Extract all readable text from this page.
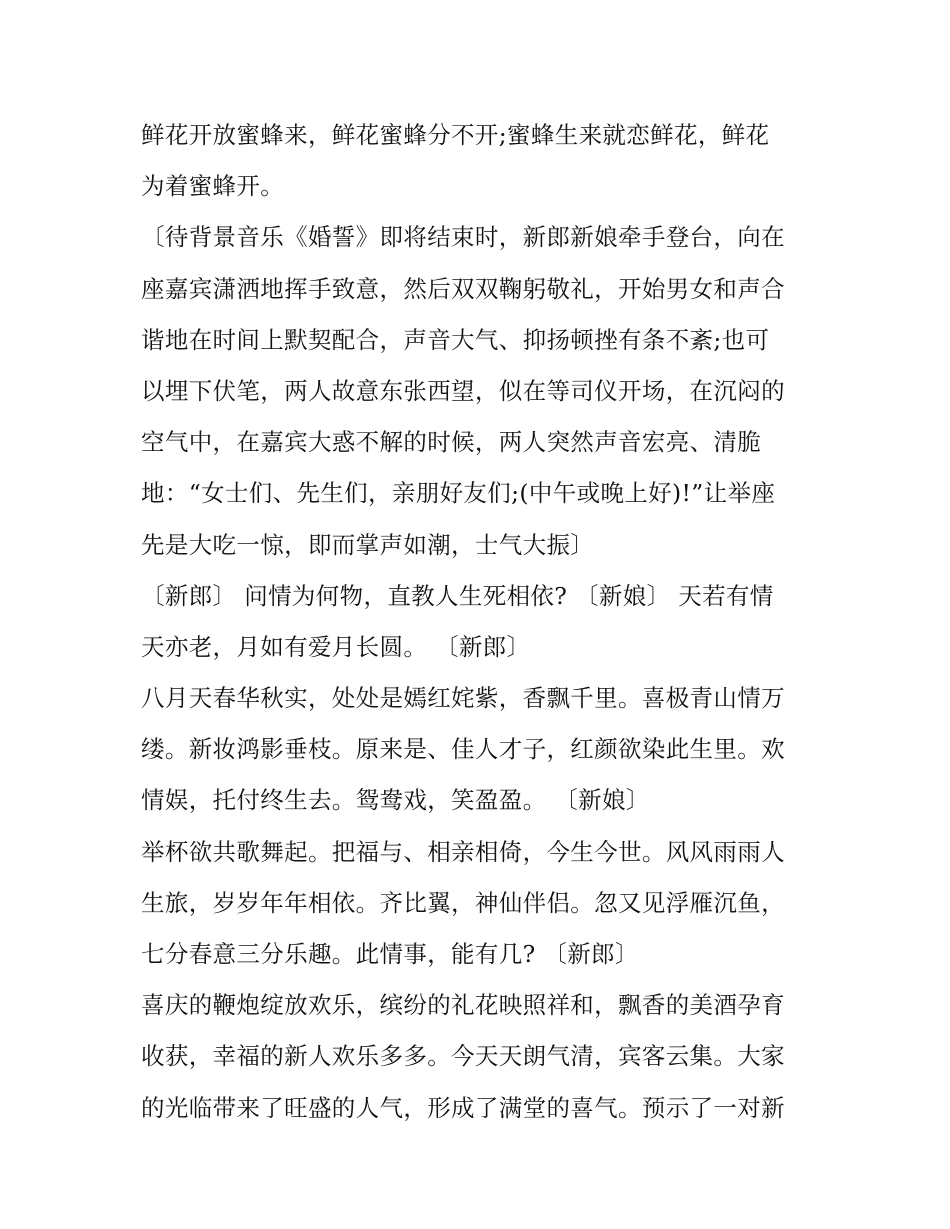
鲜花开放蜜蜂来，鲜花蜜蜂分不开;蜜蜂生来就恋鲜花，鲜花
为着蜜蜂开。
〔待背景音乐《婚誓》即将结束时，新郎新娘牵手登台，向在
座嘉宾潇洒地挥手致意，然后双双鞠躬敬礼，开始男女和声合
谐地在时间上默契配合，声音大气、抑扬顿挫有条不紊;也可
以埋下伏笔，两人故意东张西望，似在等司仪开场，在沉闷的
空气中，在嘉宾大惑不解的时候，两人突然声音宏亮、清脆
地：“女士们、先生们，亲朋好友们;(中午或晚上好)!”让举座
先是大吃一惊，即而掌声如潮，士气大振〕
〔新郎〕 问情为何物，直教人生死相依? 〔新娘〕 天若有情
天亦老，月如有爱月长圆。 〔新郎〕
八月天春华秋实，处处是嫣红姹紫，香飘千里。喜极青山情万
缕。新妆鸿影垂枝。原来是、佳人才子，红颜欲染此生里。欢
情娱，托付终生去。鸳鸯戏，笑盈盈。 〔新娘〕
举杯欲共歌舞起。把福与、相亲相倚，今生今世。风风雨雨人
生旅，岁岁年年相依。齐比翼，神仙伴侣。忽又见浮雁沉鱼，
七分春意三分乐趣。此情事，能有几? 〔新郎〕
喜庆的鞭炮绽放欢乐，缤纷的礼花映照祥和，飘香的美酒孕育
收获，幸福的新人欢乐多多。今天天朗气清，宾客云集。大家
的光临带来了旺盛的人气，形成了满堂的喜气。预示了一对新
